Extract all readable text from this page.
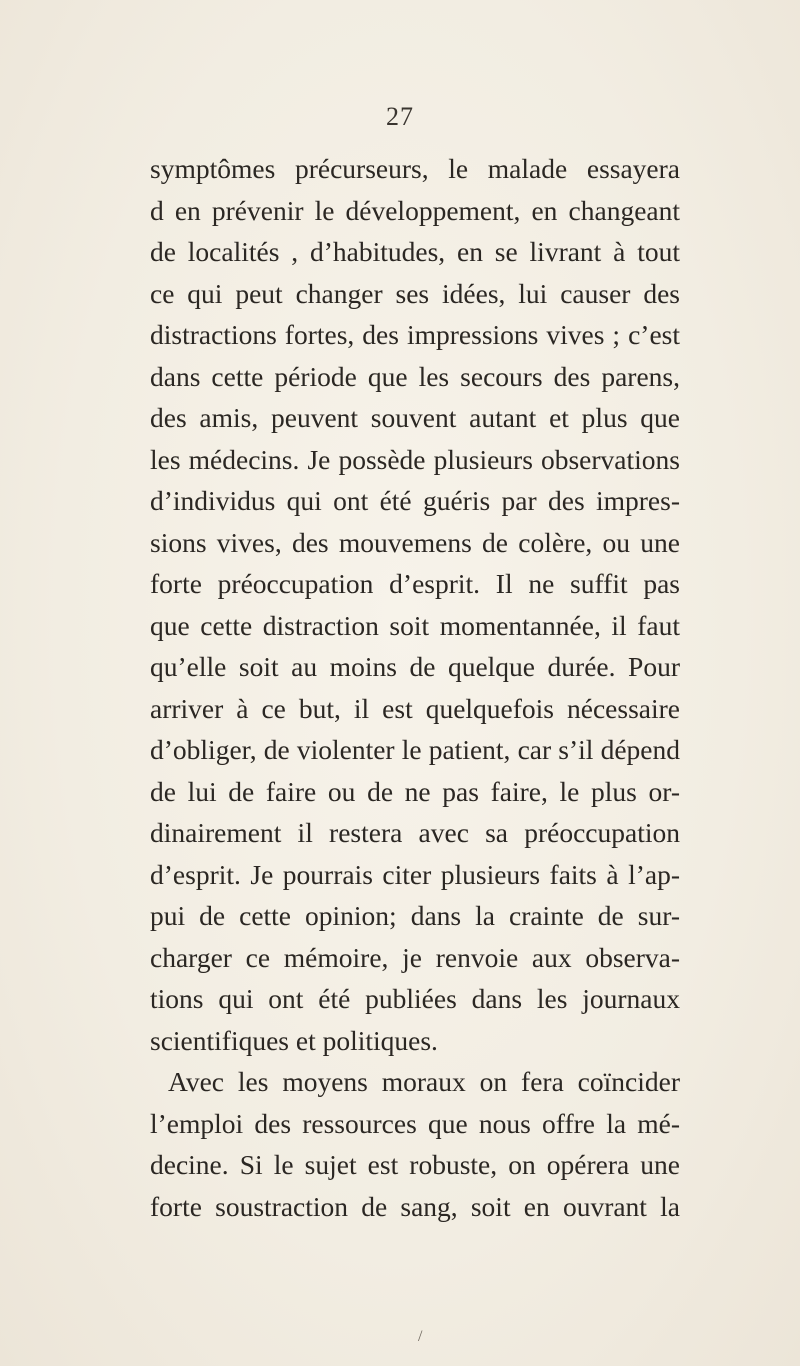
27
symptômes précurseurs, le malade essayera
d en prévenir le développement, en changeant
de localités , d’habitudes, en se livrant à tout
ce qui peut changer ses idées, lui causer des
distractions fortes, des impressions vives ; c’est
dans cette période que les secours des parens,
des amis, peuvent souvent autant et plus que
les médecins. Je possède plusieurs observations
d’individus qui ont été guéris par des impres-
sions vives, des mouvemens de colère, ou une
forte préoccupation d’esprit. Il ne suffit pas
que cette distraction soit momentannée, il faut
qu’elle soit au moins de quelque durée. Pour
arriver à ce but, il est quelquefois nécessaire
d’obliger, de violenter le patient, car s’il dépend
de lui de faire ou de ne pas faire, le plus or-
dinairement il restera avec sa préoccupation
d’esprit. Je pourrais citer plusieurs faits à l’ap-
pui de cette opinion; dans la crainte de sur-
charger ce mémoire, je renvoie aux observa-
tions qui ont été publiées dans les journaux
scientifiques et politiques.
Avec les moyens moraux on fera coïncider
l’emploi des ressources que nous offre la mé-
decine. Si le sujet est robuste, on opérera une
forte soustraction de sang, soit en ouvrant la
/
